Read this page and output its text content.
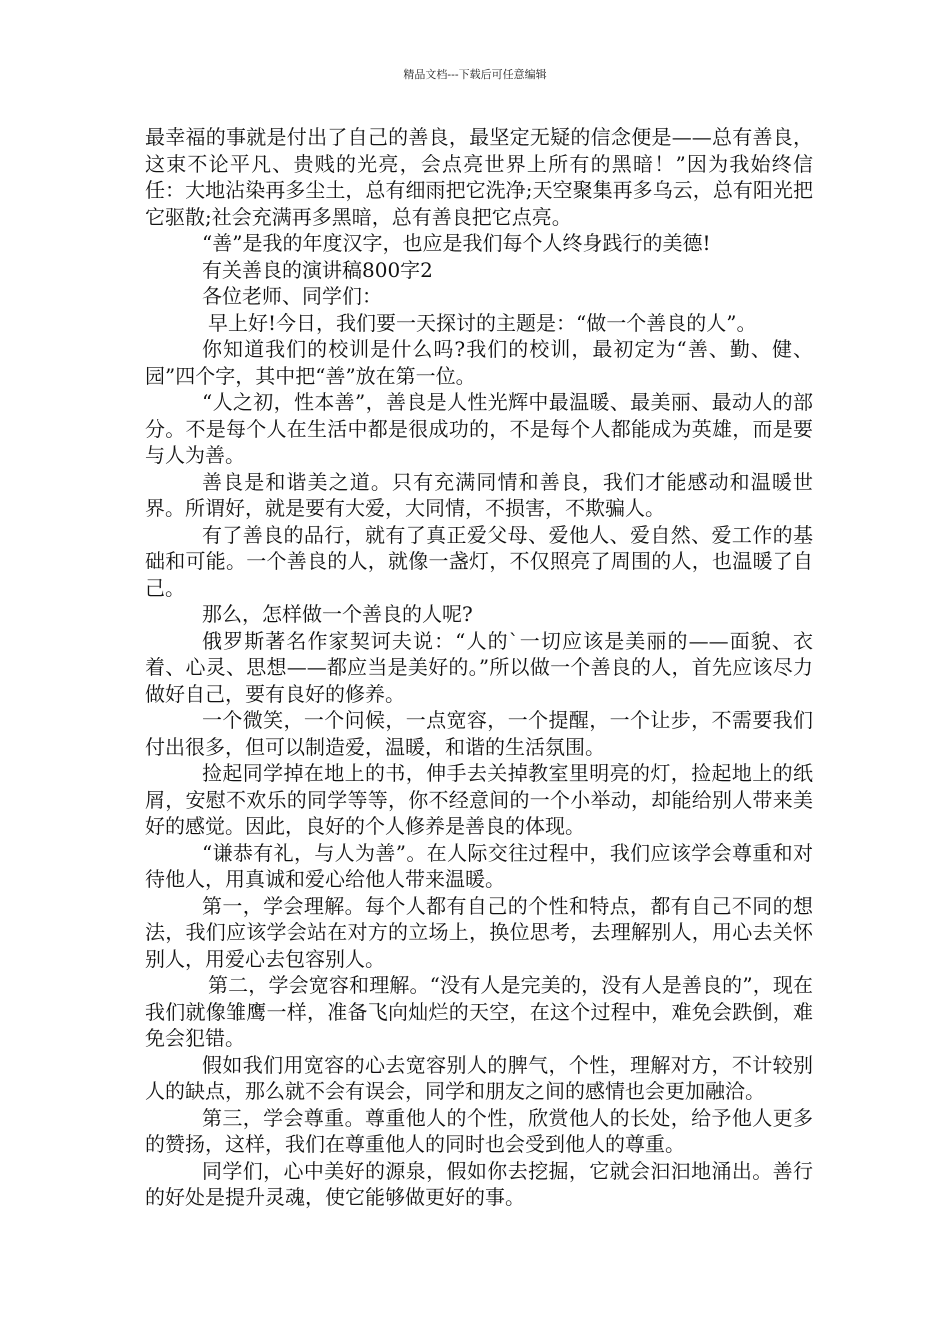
精品文档---下载后可任意编辑

最幸福的事就是付出了自己的善良，最坚定无疑的信念便是——总有善良，这束不论平凡、贵贱的光亮，会点亮世界上所有的黑暗！”因为我始终信任：大地沾染再多尘土，总有细雨把它洗净;天空聚集再多乌云，总有阳光把它驱散;社会充满再多黑暗，总有善良把它点亮。

“善”是我的年度汉字，也应是我们每个人终身践行的美德!

有关善良的演讲稿800字2

各位老师、同学们：

早上好!今日，我们要一天探讨的主题是：“做一个善良的人”。

你知道我们的校训是什么吗?我们的校训，最初定为“善、勤、健、园”四个字，其中把“善”放在第一位。

“人之初，性本善”，善良是人性光辉中最温暖、最美丽、最动人的部分。不是每个人在生活中都是很成功的，不是每个人都能成为英雄，而是要与人为善。

善良是和谐美之道。只有充满同情和善良，我们才能感动和温暖世界。所谓好，就是要有大爱，大同情，不损害，不欺骗人。

有了善良的品行，就有了真正爱父母、爱他人、爱自然、爱工作的基础和可能。一个善良的人，就像一盏灯，不仅照亮了周围的人，也温暖了自己。

那么，怎样做一个善良的人呢?

俄罗斯著名作家契诃夫说：“人的`一切应该是美丽的——面貌、衣着、心灵、思想——都应当是美好的。”所以做一个善良的人，首先应该尽力做好自己，要有良好的修养。

一个微笑，一个问候，一点宽容，一个提醒，一个让步，不需要我们付出很多，但可以制造爱，温暖，和谐的生活氛围。

捡起同学掉在地上的书，伸手去关掉教室里明亮的灯，捡起地上的纸屑，安慰不欢乐的同学等等，你不经意间的一个小举动，却能给别人带来美好的感觉。因此，良好的个人修养是善良的体现。

“谦恭有礼，与人为善”。在人际交往过程中，我们应该学会尊重和对待他人，用真诚和爱心给他人带来温暖。

第一，学会理解。每个人都有自己的个性和特点，都有自己不同的想法，我们应该学会站在对方的立场上，换位思考，去理解别人，用心去关怀别人，用爱心去包容别人。

第二，学会宽容和理解。“没有人是完美的，没有人是善良的”，现在我们就像雏鹰一样，准备飞向灿烂的天空，在这个过程中，难免会跌倒，难免会犯错。

假如我们用宽容的心去宽容别人的脾气，个性，理解对方，不计较别人的缺点，那么就不会有误会，同学和朋友之间的感情也会更加融洽。

第三，学会尊重。尊重他人的个性，欣赏他人的长处，给予他人更多的赞扬，这样，我们在尊重他人的同时也会受到他人的尊重。

同学们，心中美好的源泉，假如你去挖掘，它就会汩汩地涌出。善行的好处是提升灵魂，使它能够做更好的事。
